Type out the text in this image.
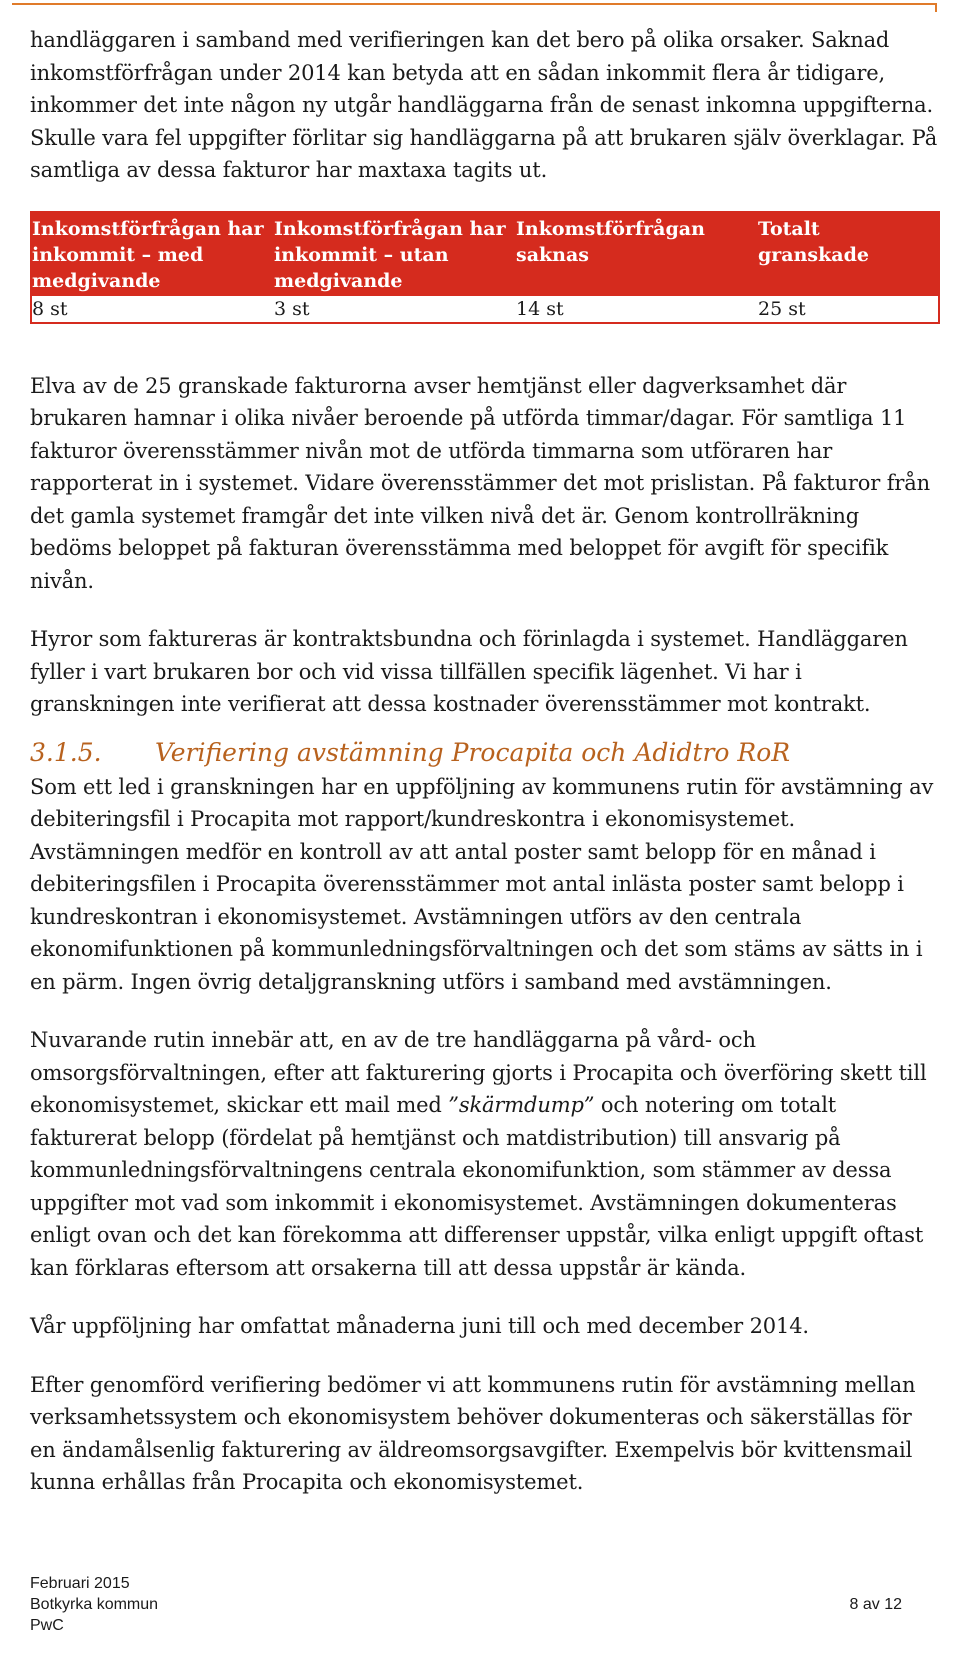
handläggaren i samband med verifieringen kan det bero på olika orsaker. Saknad inkomstförfrågan under 2014 kan betyda att en sådan inkommit flera år tidigare, inkommer det inte någon ny utgår handläggarna från de senast inkomna uppgifterna. Skulle vara fel uppgifter förlitar sig handläggarna på att brukaren själv överklagar. På samtliga av dessa fakturor har maxtaxa tagits ut.

Inkomstförfrågan har inkommit – med medgivande	Inkomstförfrågan har inkommit – utan medgivande	Inkomstförfrågan saknas	Totalt granskade
8 st	3 st	14 st	25 st

Elva av de 25 granskade fakturorna avser hemtjänst eller dagverksamhet där brukaren hamnar i olika nivåer beroende på utförda timmar/dagar. För samtliga 11 fakturor överensstämmer nivån mot de utförda timmarna som utföraren har rapporterat in i systemet. Vidare överensstämmer det mot prislistan. På fakturor från det gamla systemet framgår det inte vilken nivå det är. Genom kontrollräkning bedöms beloppet på fakturan överensstämma med beloppet för avgift för specifik nivån.

Hyror som faktureras är kontraktsbundna och förinlagda i systemet. Handläggaren fyller i vart brukaren bor och vid vissa tillfällen specifik lägenhet. Vi har i granskningen inte verifierat att dessa kostnader överensstämmer mot kontrakt.

3.1.5.	Verifiering avstämning Procapita och Adidtro RoR

Som ett led i granskningen har en uppföljning av kommunens rutin för avstämning av debiteringsfil i Procapita mot rapport/kundreskontra i ekonomisystemet. Avstämningen medför en kontroll av att antal poster samt belopp för en månad i debiteringsfilen i Procapita överensstämmer mot antal inlästa poster samt belopp i kundreskontran i ekonomisystemet. Avstämningen utförs av den centrala ekonomifunktionen på kommunledningsförvaltningen och det som stäms av sätts in i en pärm. Ingen övrig detaljgranskning utförs i samband med avstämningen.

Nuvarande rutin innebär att, en av de tre handläggarna på vård- och omsorgsförvaltningen, efter att fakturering gjorts i Procapita och överföring skett till ekonomisystemet, skickar ett mail med ”skärmdump” och notering om totalt fakturerat belopp (fördelat på hemtjänst och matdistribution) till ansvarig på kommunledningsförvaltningens centrala ekonomifunktion, som stämmer av dessa uppgifter mot vad som inkommit i ekonomisystemet. Avstämningen dokumenteras enligt ovan och det kan förekomma att differenser uppstår, vilka enligt uppgift oftast kan förklaras eftersom att orsakerna till att dessa uppstår är kända.

Vår uppföljning har omfattat månaderna juni till och med december 2014.

Efter genomförd verifiering bedömer vi att kommunens rutin för avstämning mellan verksamhetssystem och ekonomisystem behöver dokumenteras och säkerställas för en ändamålsenlig fakturering av äldreomsorgsavgifter. Exempelvis bör kvittensmail kunna erhållas från Procapita och ekonomisystemet.

Februari 2015
Botkyrka kommun
PwC
8 av 12
